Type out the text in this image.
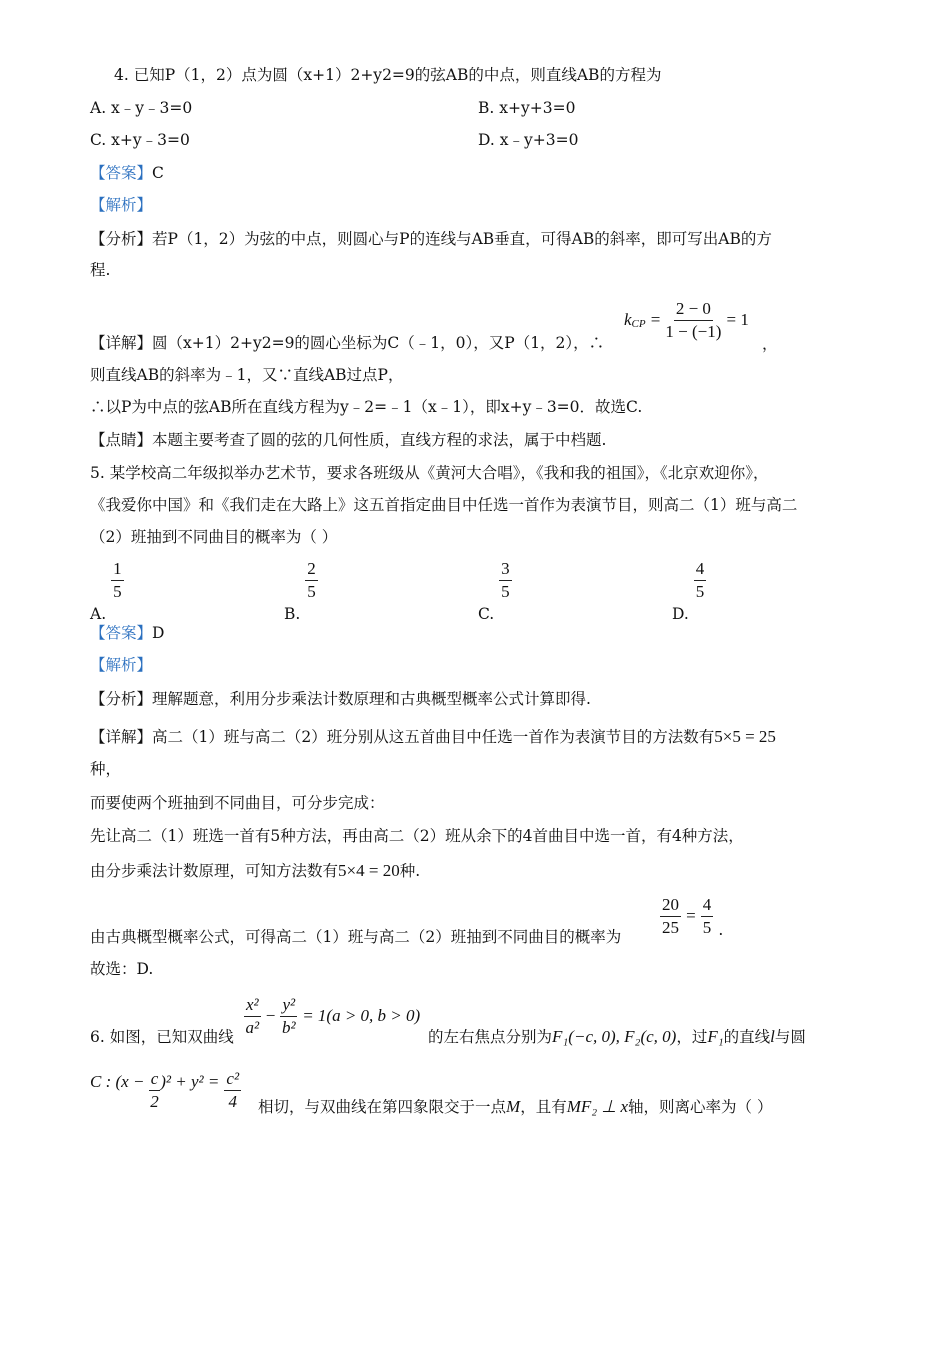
4. 已知P（1，2）点为圆（x+1）2+y2=9的弦AB的中点，则直线AB的方程为
A. x﹣y﹣3=0	B. x+y+3=0
C. x+y﹣3=0	D. x﹣y+3=0
【答案】C
【解析】
【分析】若P（1，2）为弦的中点，则圆心与P的连线与AB垂直，可得AB的斜率，即可写出AB的方
程.
【详解】圆（x+1）2+y2=9的圆心坐标为C（﹣1，0），又P（1，2），∴
kCP = $\frac{2 - 0}{1 - (-1)} = 1$
，
则直线AB的斜率为﹣1，又∵直线AB过点P，
∴以P为中点的弦AB所在直线方程为y﹣2=﹣1（x﹣1），即x+y﹣3=0．故选C.
【点睛】本题主要考查了圆的弦的几何性质，直线方程的求法，属于中档题.
5. 某学校高二年级拟举办艺术节，要求各班级从《黄河大合唱》，《我和我的祖国》，《北京欢迎你》，
《我爱你中国》和《我们走在大路上》这五首指定曲目中任选一首作为表演节目，则高二（1）班与高二
（2）班抽到不同曲目的概率为（ ）
A.
$\frac{1}{5}$
B.
$\frac{2}{5}$
C.
$\frac{3}{5}$
D.
$\frac{4}{5}$
【答案】D
【解析】
【分析】理解题意，利用分步乘法计数原理和古典概型概率公式计算即得.
【详解】高二（1）班与高二（2）班分别从这五首曲目中任选一首作为表演节目的方法数有5×5 = 25
种，
而要使两个班抽到不同曲目，可分步完成：
先让高二（1）班选一首有5种方法，再由高二（2）班从余下的4首曲目中选一首，有4种方法，
由分步乘法计数原理，可知方法数有5×4 = 20种.
由古典概型概率公式，可得高二（1）班与高二（2）班抽到不同曲目的概率为 $\frac{20}{25} = \frac{4}{5}$ .
故选：D.
6. 如图，已知双曲线 $\frac{\text{x²}}{\text{a²}} - \frac{\text{y²}}{\text{b²}} = 1(a > 0$, b > 0)
的左右焦点分别为F₁(−c, 0), F₂(c, 0)，过F₁的直线l与圆
C : $(x - \frac{c}{2} )^2 + y^2 = \frac{\text{c²}}{4}$ 相切，与双曲线在第四象限交于一点M，且有MF₂ ⊥ x轴，则离心率为（ ）
